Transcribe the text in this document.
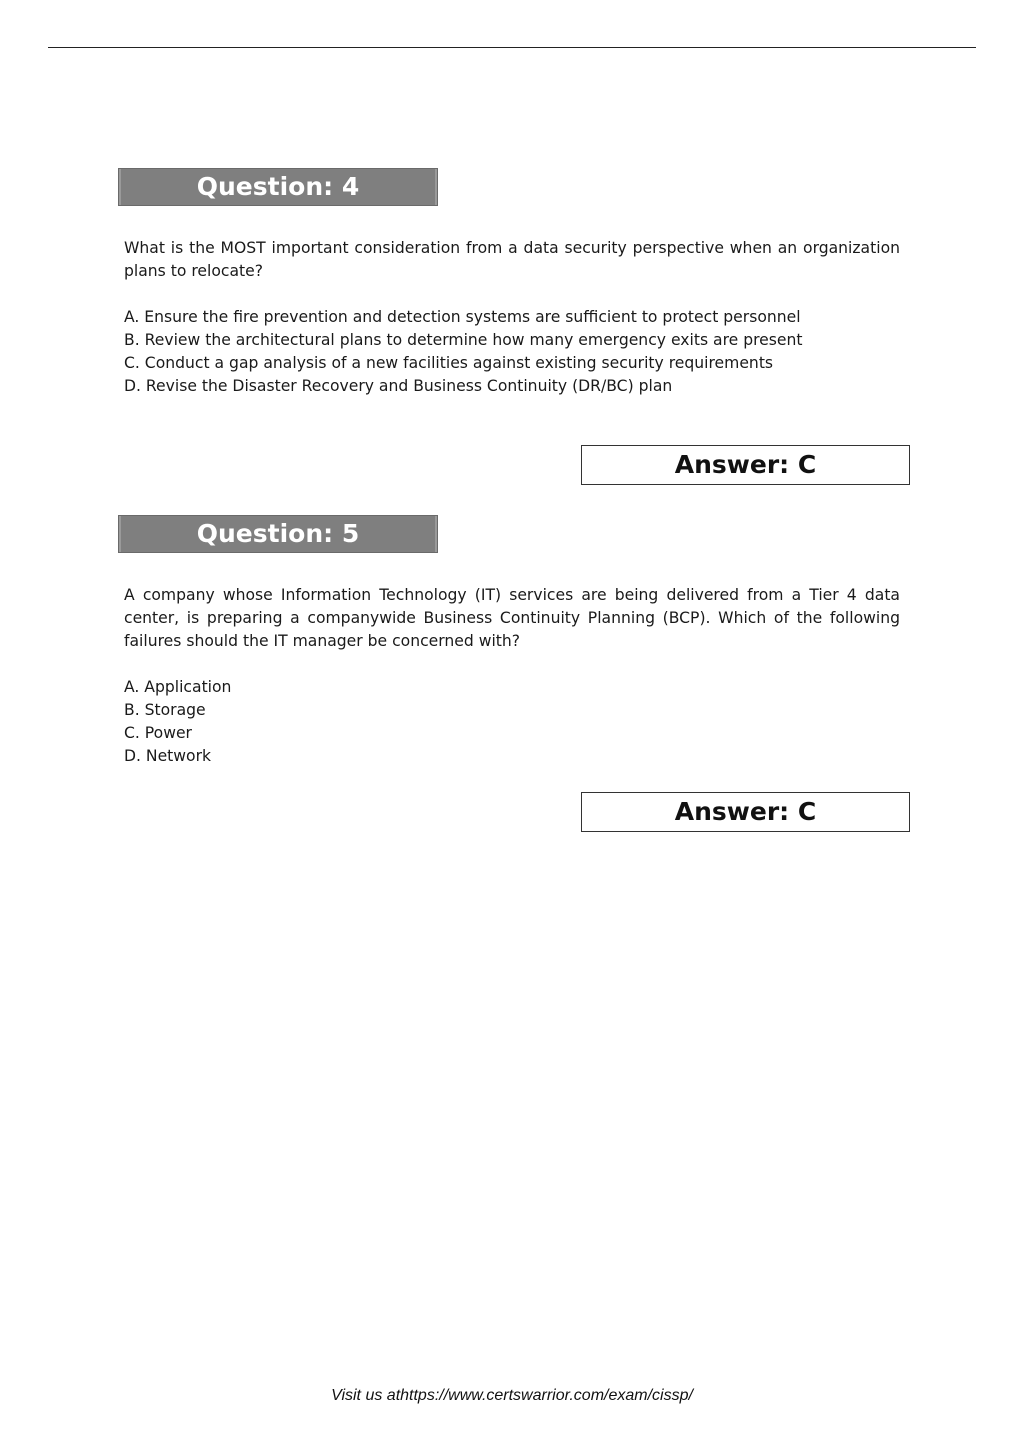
Question: 4

What is the MOST important consideration from a data security perspective when an organization plans to relocate?

A. Ensure the fire prevention and detection systems are sufficient to protect personnel
B. Review the architectural plans to determine how many emergency exits are present
C. Conduct a gap analysis of a new facilities against existing security requirements
D. Revise the Disaster Recovery and Business Continuity (DR/BC) plan
Answer: C
Question: 5

A company whose Information Technology (IT) services are being delivered from a Tier 4 data center, is preparing a companywide Business Continuity Planning (BCP). Which of the following failures should the IT manager be concerned with?

A. Application
B. Storage
C. Power
D. Network
Answer: C
Visit us athttps://www.certswarrior.com/exam/cissp/
